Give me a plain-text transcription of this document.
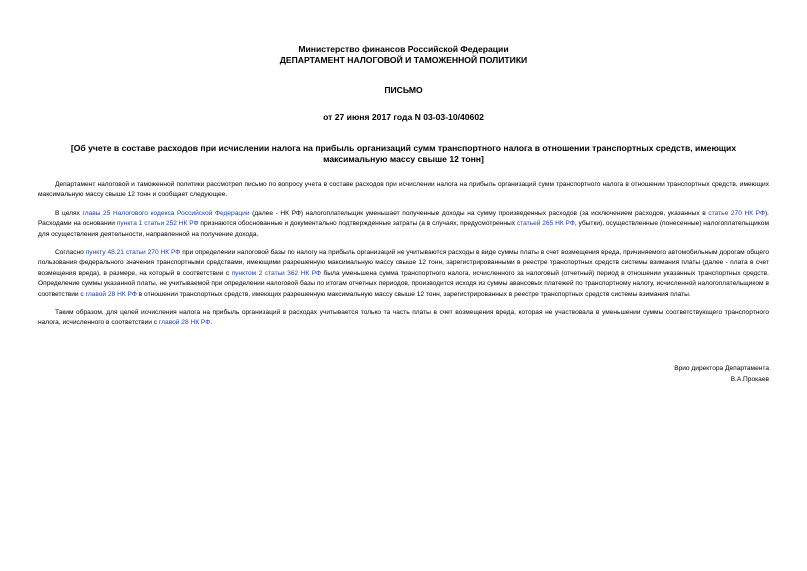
Министерство финансов Российской Федерации
ДЕПАРТАМЕНТ НАЛОГОВОЙ И ТАМОЖЕННОЙ ПОЛИТИКИ
ПИСЬМО
от 27 июня 2017 года N 03-03-10/40602
[Об учете в составе расходов при исчислении налога на прибыль организаций сумм транспортного налога в отношении транспортных средств, имеющих максимальную массу свыше 12 тонн]

Департамент налоговой и таможенной политики рассмотрел письмо по вопросу учета в составе расходов при исчислении налога на прибыль организаций сумм транспортного налога в отношении транспортных средств, имеющих максимальную массу свыше 12 тонн и сообщает следующее.

В целях главы 25 Налогового кодекса Российской Федерации (далее - НК РФ) налогоплательщик уменьшает полученные доходы на сумму произведенных расходов (за исключением расходов, указанных в статье 270 НК РФ). Расходами на основании пункта 1 статьи 252 НК РФ признаются обоснованные и документально подтвержденные затраты (а в случаях, предусмотренных статьей 265 НК РФ, убытки), осуществленные (понесенные) налогоплательщиком для осуществления деятельности, направленной на получение дохода.

Согласно пункту 48.21 статьи 270 НК РФ при определении налоговой базы по налогу на прибыль организаций не учитываются расходы в виде суммы платы в счет возмещения вреда, причиняемого автомобильным дорогам общего пользования федерального значения транспортными средствами, имеющими разрешенную максимальную массу свыше 12 тонн, зарегистрированными в реестре транспортных средств системы взимания платы (далее - плата в счет возмещения вреда), в размере, на который в соответствии с пунктом 2 статьи 362 НК РФ была уменьшена сумма транспортного налога, исчисленного за налоговый (отчетный) период в отношении указанных транспортных средств. Определение суммы указанной платы, не учитываемой при определении налоговой базы по итогам отчетных периодов, производится исходя из суммы авансовых платежей по транспортному налогу, исчисленной налогоплательщиком в соответствии с главой 28 НК РФ в отношении транспортных средств, имеющих разрешенную максимальную массу свыше 12 тонн, зарегистрированных в реестре транспортных средств системы взимания платы.

Таким образом, для целей исчисления налога на прибыль организаций в расходах учитывается только та часть платы в счет возмещения вреда, которая не участвовала в уменьшении суммы соответствующего транспортного налога, исчисленного в соответствии с главой 28 НК РФ.

Врио директора Департамента
В.А.Прокаев
